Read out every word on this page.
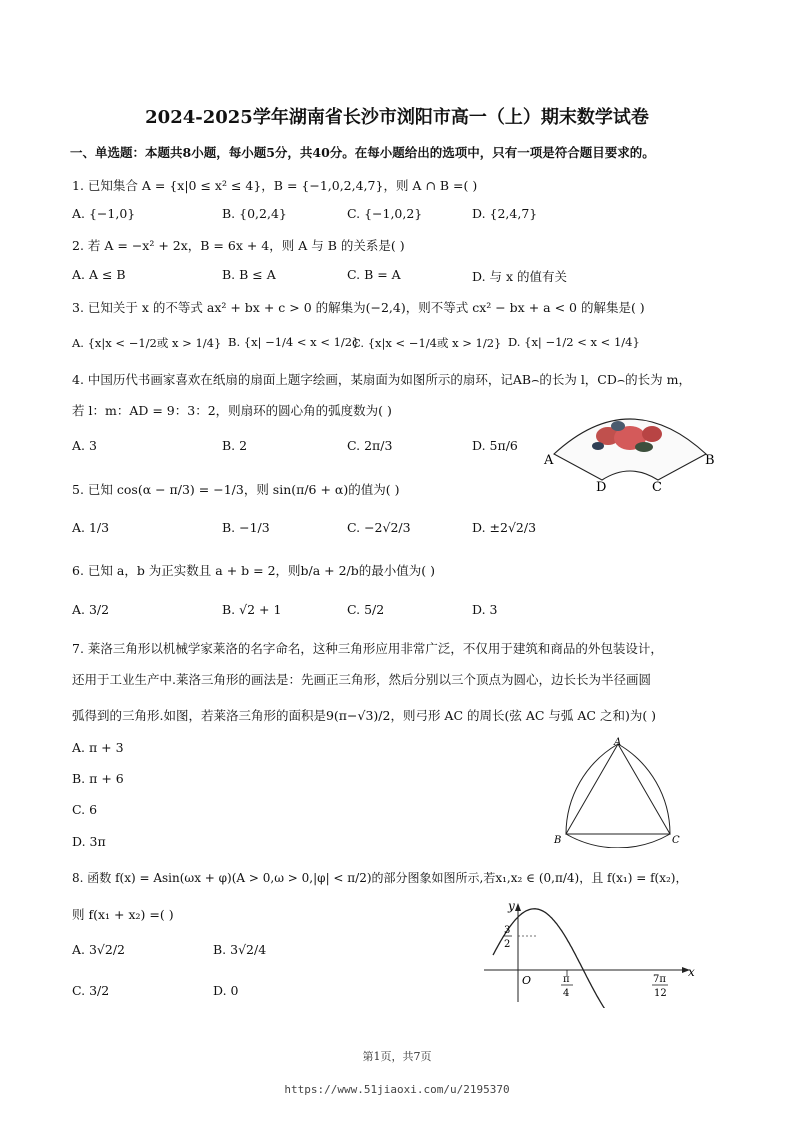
2024-2025学年湖南省长沙市浏阳市高一（上）期末数学试卷
一、单选题：本题共8小题，每小题5分，共40分。在每小题给出的选项中，只有一项是符合题目要求的。
1. 已知集合 A = {x|0 ≤ x² ≤ 4}，B = {−1,0,2,4,7}，则 A ∩ B =( )
A. {−1,0}	B. {0,2,4}	C. {−1,0,2}	D. {2,4,7}
2. 若 A = −x² + 2x，B = 6x + 4，则 A 与 B 的关系是( )
A. A ≤ B	B. B ≤ A	C. B = A	D. 与 x 的值有关
3. 已知关于 x 的不等式 ax² + bx + c > 0 的解集为(−2,4)，则不等式 cx² − bx + a < 0 的解集是( )
A. {x|x < −1/2或 x > 1/4} B. {x| −1/4 < x < 1/2}
C. {x|x < −1/4或 x > 1/2} D. {x| −1/2 < x < 1/4}
4. 中国历代书画家喜欢在纸扇的扇面上题字绘画，某扇面为如图所示的扇环，记AB⌢的长为 l，CD⌢的长为 m，
若 l：m：AD = 9：3：2，则扇环的圆心角的弧度数为( )
A. 3	B. 2	C. 2π/3	D. 5π/6
A	B
C
D
5. 已知 cos(α − π/3) = −1/3，则 sin(π/6 + α)的值为( )
A. 1/3	B. −1/3	C. −2√2/3	D. ±2√2/3
6. 已知 a，b 为正实数且 a + b = 2，则b/a + 2/b的最小值为( )
A. 3/2	B. √2 + 1	C. 5/2	D. 3
7. 莱洛三角形以机械学家莱洛的名字命名，这种三角形应用非常广泛，不仅用于建筑和商品的外包装设计，
还用于工业生产中.莱洛三角形的画法是：先画正三角形，然后分别以三个顶点为圆心，边长长为半径画圆
弧得到的三角形.如图，若莱洛三角形的面积是9(π−√3)/2，则弓形 AC 的周长(弦 AC 与弧 AC 之和)为( )
A. π + 3
B. π + 6
C. 6
D. 3π
A
B	C
8. 函数 f(x) = Asin(ωx + φ)(A > 0,ω > 0,|φ| < π/2)的部分图象如图所示,若x₁,x₂ ∈ (0,π/4)，且 f(x₁) = f(x₂)，
则 f(x₁ + x₂) =( )
A. 3√2/2	B. 3√2/4
C. 3/2	D. 0
y
x
O
3
2
π
4
7π
12
第1页，共7页
https://www.51jiaoxi.com/u/2195370
